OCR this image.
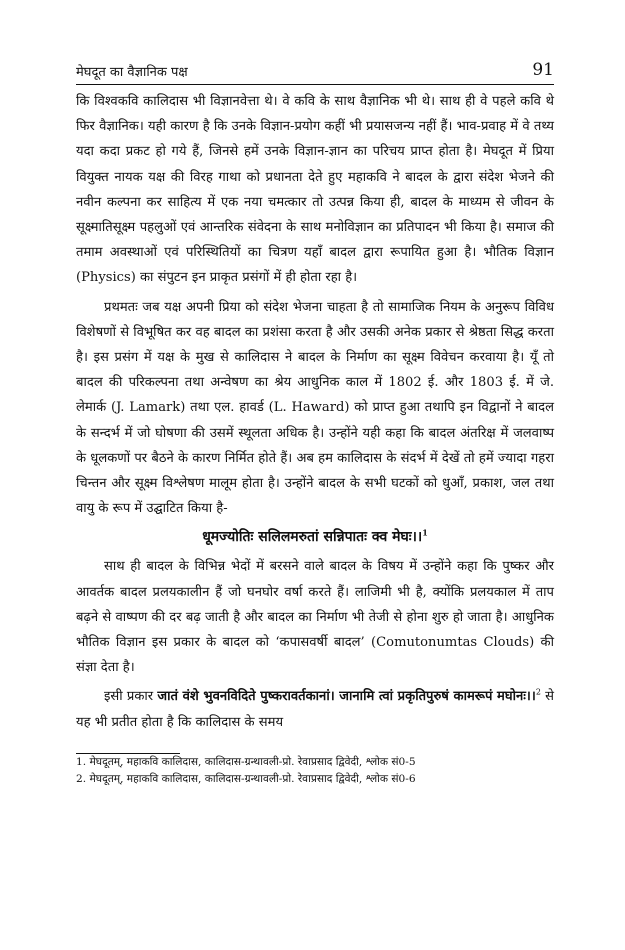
मेघदूत का वैज्ञानिक पक्ष	91

कि विश्वकवि कालिदास भी विज्ञानवेत्ता थे। वे कवि के साथ वैज्ञानिक भी थे। साथ ही वे पहले कवि थे फिर वैज्ञानिक। यही कारण है कि उनके विज्ञान-प्रयोग कहीं भी प्रयासजन्य नहीं हैं। भाव-प्रवाह में वे तथ्य यदा कदा प्रकट हो गये हैं, जिनसे हमें उनके विज्ञान-ज्ञान का परिचय प्राप्त होता है। मेघदूत में प्रिया वियुक्त नायक यक्ष की विरह गाथा को प्रधानता देते हुए महाकवि ने बादल के द्वारा संदेश भेजने की नवीन कल्पना कर साहित्य में एक नया चमत्कार तो उत्पन्न किया ही, बादल के माध्यम से जीवन के सूक्ष्मातिसूक्ष्म पहलुओं एवं आन्तरिक संवेदना के साथ मनोविज्ञान का प्रतिपादन भी किया है। समाज की तमाम अवस्थाओं एवं परिस्थितियों का चित्रण यहाँ बादल द्वारा रूपायित हुआ है। भौतिक विज्ञान (Physics) का संपुटन इन प्राकृत प्रसंगों में ही होता रहा है।

प्रथमतः जब यक्ष अपनी प्रिया को संदेश भेजना चाहता है तो सामाजिक नियम के अनुरूप विविध विशेषणों से विभूषित कर वह बादल का प्रशंसा करता है और उसकी अनेक प्रकार से श्रेष्ठता सिद्ध करता है। इस प्रसंग में यक्ष के मुख से कालिदास ने बादल के निर्माण का सूक्ष्म विवेचन करवाया है। यूँ तो बादल की परिकल्पना तथा अन्वेषण का श्रेय आधुनिक काल में 1802 ई. और 1803 ई. में जे. लेमार्क (J. Lamark) तथा एल. हावर्ड (L. Haward) को प्राप्त हुआ तथापि इन विद्वानों ने बादल के सन्दर्भ में जो घोषणा की उसमें स्थूलता अधिक है। उन्होंने यही कहा कि बादल अंतरिक्ष में जलवाष्प के धूलकणों पर बैठने के कारण निर्मित होते हैं। अब हम कालिदास के संदर्भ में देखें तो हमें ज्यादा गहरा चिन्तन और सूक्ष्म विश्लेषण मालूम होता है। उन्होंने बादल के सभी घटकों को धुआँ, प्रकाश, जल तथा वायु के रूप में उद्घाटित किया है-

धूमज्योतिः सलिलमरुतां सन्निपातः क्व मेघः।।$^1$

साथ ही बादल के विभिन्न भेदों में बरसने वाले बादल के विषय में उन्होंने कहा कि पुष्कर और आवर्तक बादल प्रलयकालीन हैं जो घनघोर वर्षा करते हैं। लाजिमी भी है, क्योंकि प्रलयकाल में ताप बढ़ने से वाष्पण की दर बढ़ जाती है और बादल का निर्माण भी तेजी से होना शुरु हो जाता है। आधुनिक भौतिक विज्ञान इस प्रकार के बादल को ‘कपासवर्षी बादल’ (Comutonumtas Clouds) की संज्ञा देता है।

इसी प्रकार जातं वंशे भुवनविदिते पुष्करावर्तकानां। जानामि त्वां प्रकृतिपुरुषं कामरूपं मघोनः।।$^2$ से यह भी प्रतीत होता है कि कालिदास के समय

1. मेघदूतम्, महाकवि कालिदास, कालिदास-ग्रन्थावली-प्रो. रेवाप्रसाद द्विवेदी, श्लोक सं0-5

2. मेघदूतम्, महाकवि कालिदास, कालिदास-ग्रन्थावली-प्रो. रेवाप्रसाद द्विवेदी, श्लोक सं0-6
